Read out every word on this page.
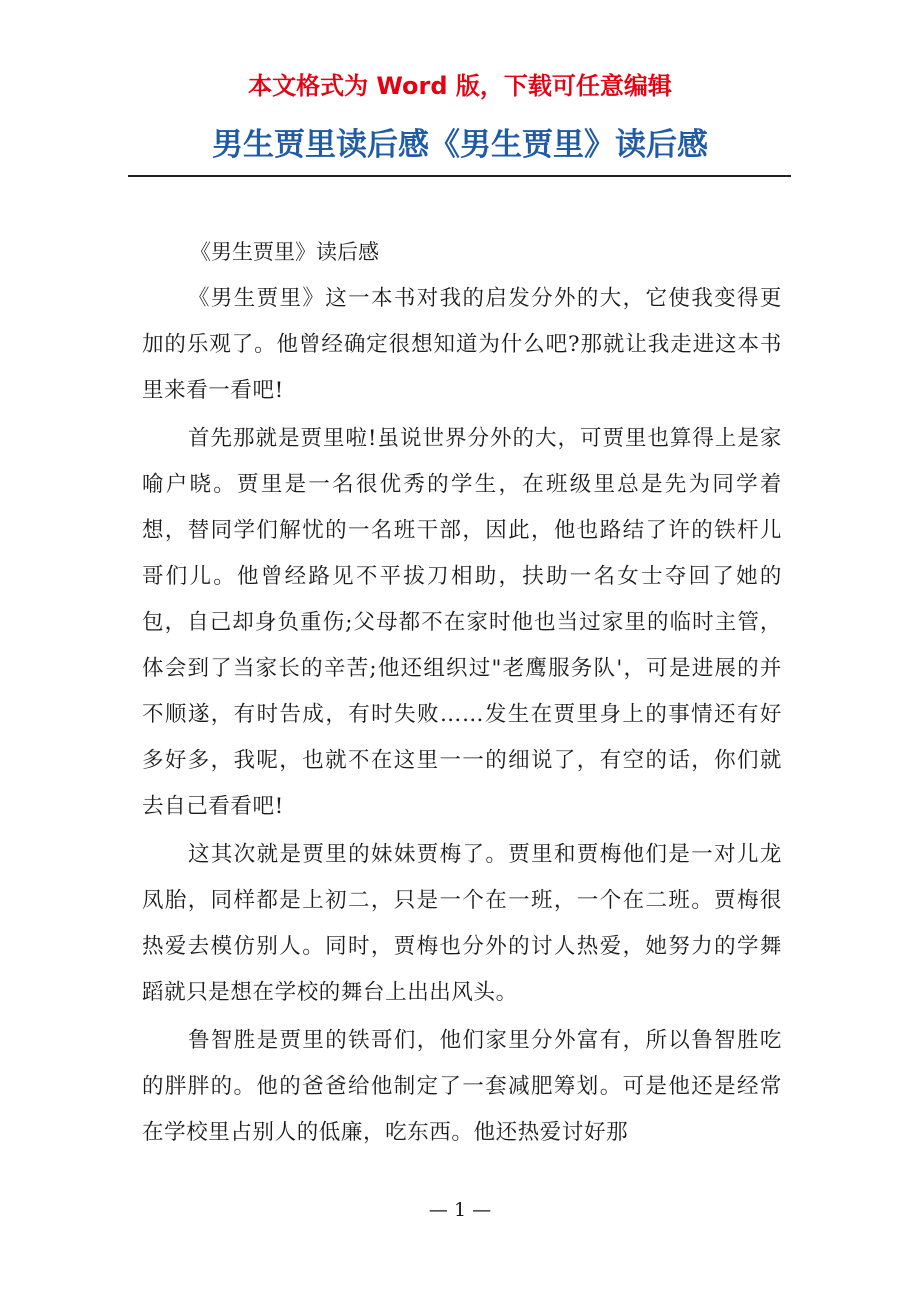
本文格式为 Word 版，下载可任意编辑
男生贾里读后感《男生贾里》读后感

《男生贾里》读后感

《男生贾里》这一本书对我的启发分外的大，它使我变得更加的乐观了。他曾经确定很想知道为什么吧?那就让我走进这本书里来看一看吧!

首先那就是贾里啦!虽说世界分外的大，可贾里也算得上是家喻户晓。贾里是一名很优秀的学生，在班级里总是先为同学着想，替同学们解忧的一名班干部，因此，他也路结了许的铁杆儿哥们儿。他曾经路见不平拔刀相助，扶助一名女士夺回了她的包，自己却身负重伤;父母都不在家时他也当过家里的临时主管，体会到了当家长的辛苦;他还组织过"老鹰服务队'，可是进展的并不顺遂，有时告成，有时失败……发生在贾里身上的事情还有好多好多，我呢，也就不在这里一一的细说了，有空的话，你们就去自己看看吧!

这其次就是贾里的妹妹贾梅了。贾里和贾梅他们是一对儿龙凤胎，同样都是上初二，只是一个在一班，一个在二班。贾梅很热爱去模仿别人。同时，贾梅也分外的讨人热爱，她努力的学舞蹈就只是想在学校的舞台上出出风头。

鲁智胜是贾里的铁哥们，他们家里分外富有，所以鲁智胜吃的胖胖的。他的爸爸给他制定了一套减肥筹划。可是他还是经常在学校里占别人的低廉，吃东西。他还热爱讨好那

— 1 —
